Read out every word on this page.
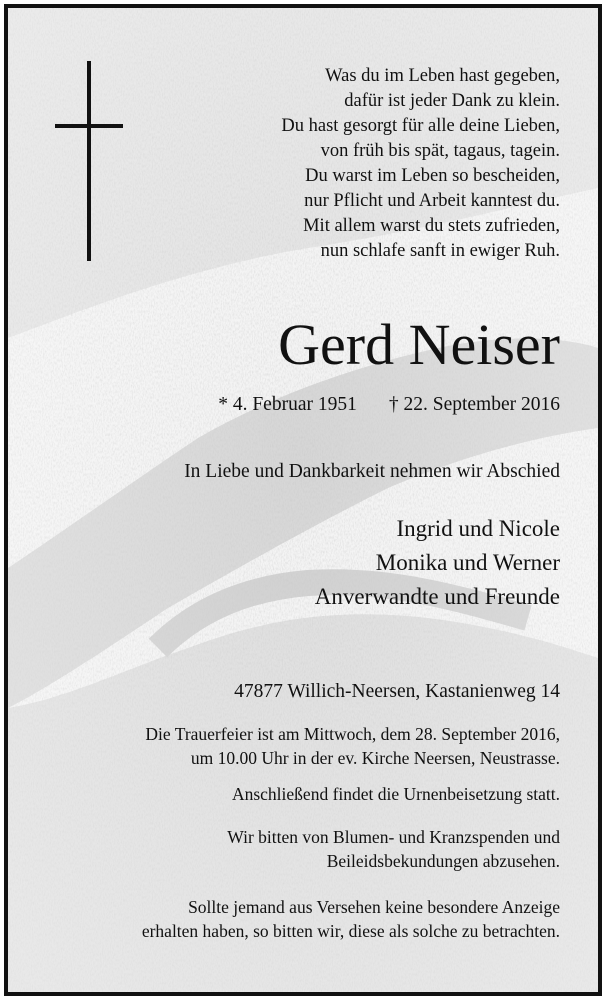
Was du im Leben hast gegeben,
dafür ist jeder Dank zu klein.
Du hast gesorgt für alle deine Lieben,
von früh bis spät, tagaus, tagein.
Du warst im Leben so bescheiden,
nur Pflicht und Arbeit kanntest du.
Mit allem warst du stets zufrieden,
nun schlafe sanft in ewiger Ruh.
Gerd Neiser
* 4. Februar 1951 † 22. September 2016
In Liebe und Dankbarkeit nehmen wir Abschied
Ingrid und Nicole
Monika und Werner
Anverwandte und Freunde
47877 Willich-Neersen, Kastanienweg 14
Die Trauerfeier ist am Mittwoch, dem 28. September 2016,
um 10.00 Uhr in der ev. Kirche Neersen, Neustrasse.
Anschließend findet die Urnenbeisetzung statt.
Wir bitten von Blumen- und Kranzspenden und
Beileidsbekundungen abzusehen.
Sollte jemand aus Versehen keine besondere Anzeige
erhalten haben, so bitten wir, diese als solche zu betrachten.
